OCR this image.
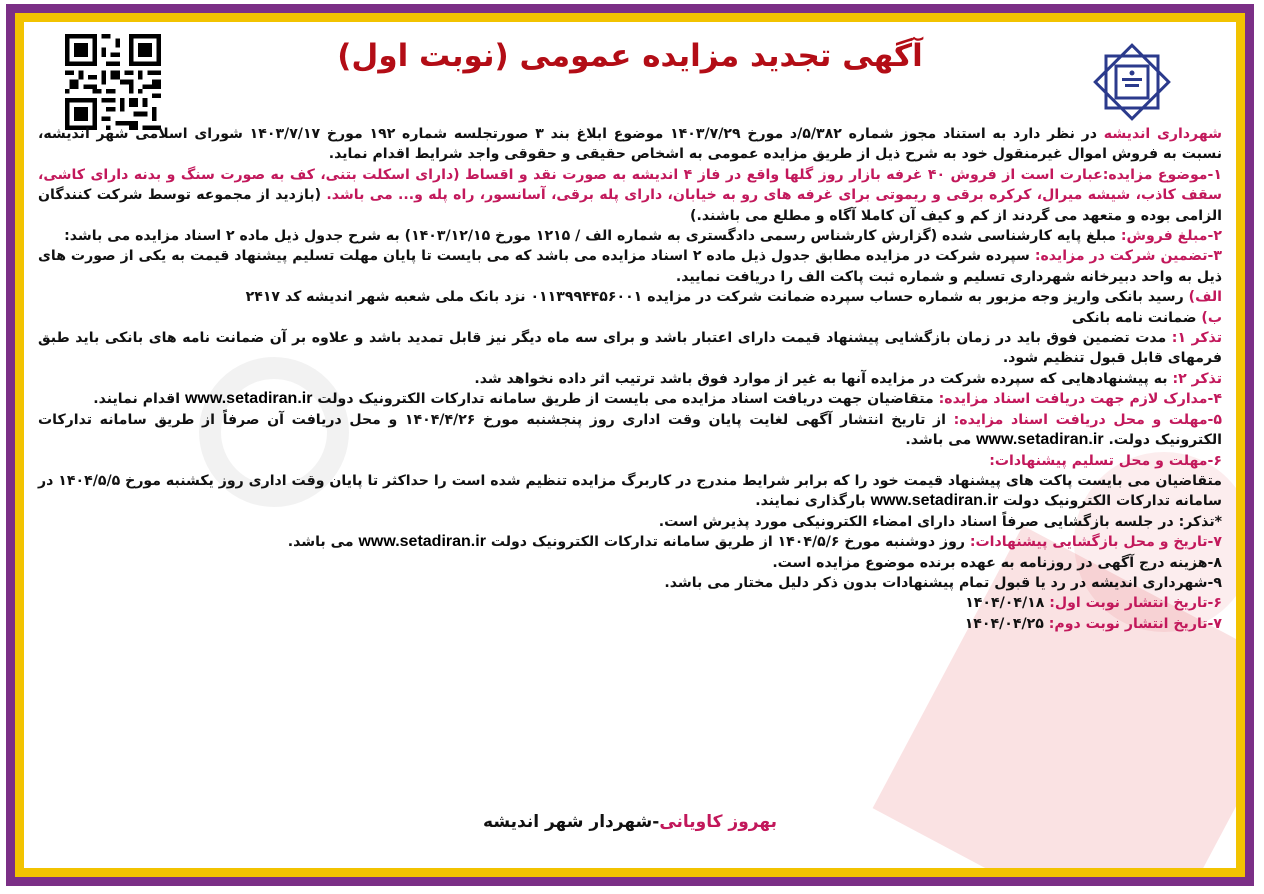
آگهی تجدید مزایده عمومی (نوبت اول)

شهرداری اندیشه در نظر دارد به استناد مجوز شماره ۵/۳۸۲/د مورخ ۱۴۰۳/۷/۲۹ موضوع ابلاغ بند ۳ صورتجلسه شماره ۱۹۲ مورخ ۱۴۰۳/۷/۱۷ شورای اسلامی شهر اندیشه، نسبت به فروش اموال غیرمنقول خود به شرح ذیل از طریق مزایده عمومی به اشخاص حقیقی و حقوقی واجد شرایط اقدام نماید.

۱-موضوع مزایده:عبارت است از فروش ۴۰ غرفه بازار روز گلها واقع در فاز ۴ اندیشه به صورت نقد و اقساط (دارای اسکلت بتنی، کف به صورت سنگ و بدنه دارای کاشی، سقف کاذب، شیشه میرال، کرکره برقی و ریموتی برای غرفه های رو به خیابان، دارای پله برقی، آسانسور، راه پله و... می باشد. (بازدید از مجموعه توسط شرکت کنندگان الزامی بوده و متعهد می گردند از کم و کیف آن کاملا آگاه و مطلع می باشند.)

۲-مبلغ فروش: مبلغ پایه کارشناسی شده (گزارش کارشناس رسمی دادگستری به شماره الف / ۱۲۱۵ مورخ ۱۴۰۳/۱۲/۱۵) به شرح جدول ذیل ماده ۲ اسناد مزایده می باشد:

۳-تضمین شرکت در مزایده: سپرده شرکت در مزایده مطابق جدول ذیل ماده ۲ اسناد مزایده می باشد که می بایست تا پایان مهلت تسلیم پیشنهاد قیمت به یکی از صورت های ذیل به واحد دبیرخانه شهرداری تسلیم و شماره ثبت پاکت الف را دریافت نمایید.

الف) رسید بانکی واریز وجه مزبور به شماره حساب سپرده ضمانت شرکت در مزایده ۰۱۱۳۹۹۴۴۵۶۰۰۱ نزد بانک ملی شعبه شهر اندیشه کد ۲۴۱۷

ب) ضمانت نامه بانکی

تذکر ۱: مدت تضمین فوق باید در زمان بازگشایی پیشنهاد قیمت دارای اعتبار باشد و برای سه ماه دیگر نیز قابل تمدید باشد و علاوه بر آن ضمانت نامه های بانکی باید طبق فرمهای قابل قبول تنظیم شود.

تذکر ۲: به پیشنهادهایی که سپرده شرکت در مزایده آنها به غیر از موارد فوق باشد ترتیب اثر داده نخواهد شد.

۴-مدارک لازم جهت دریافت اسناد مزایده: متقاضیان جهت دریافت اسناد مزایده می بایست از طریق سامانه تدارکات الکترونیک دولت www.setadiran.ir اقدام نمایند.

۵-مهلت و محل دریافت اسناد مزایده: از تاریخ انتشار آگهی لغایت پایان وقت اداری روز پنجشنبه مورخ ۱۴۰۴/۴/۲۶ و محل دریافت آن صرفاً از طریق سامانه تدارکات الکترونیک دولت. www.setadiran.ir می باشد.

۶-مهلت و محل تسلیم پیشنهادات:

متقاضیان می بایست پاکت های پیشنهاد قیمت خود را که برابر شرایط مندرج در کاربرگ مزایده تنظیم شده است را حداکثر تا پایان وقت اداری روز یکشنبه مورخ ۱۴۰۴/۵/۵ در سامانه تدارکات الکترونیک دولت www.setadiran.ir بارگذاری نمایند.

*تذکر: در جلسه بازگشایی صرفاً اسناد دارای امضاء الکترونیکی مورد پذیرش است.

۷-تاریخ و محل بازگشایی پیشنهادات: روز دوشنبه مورخ ۱۴۰۴/۵/۶ از طریق سامانه تدارکات الکترونیک دولت www.setadiran.ir می باشد.

۸-هزینه درج آگهی در روزنامه به عهده برنده موضوع مزایده است.

۹-شهرداری اندیشه در رد یا قبول تمام پیشنهادات بدون ذکر دلیل مختار می باشد.

۶-تاریخ انتشار نوبت اول: ۱۴۰۴/۰۴/۱۸

۷-تاریخ انتشار نوبت دوم: ۱۴۰۴/۰۴/۲۵

بهروز کاویانی-شهردار شهر اندیشه
